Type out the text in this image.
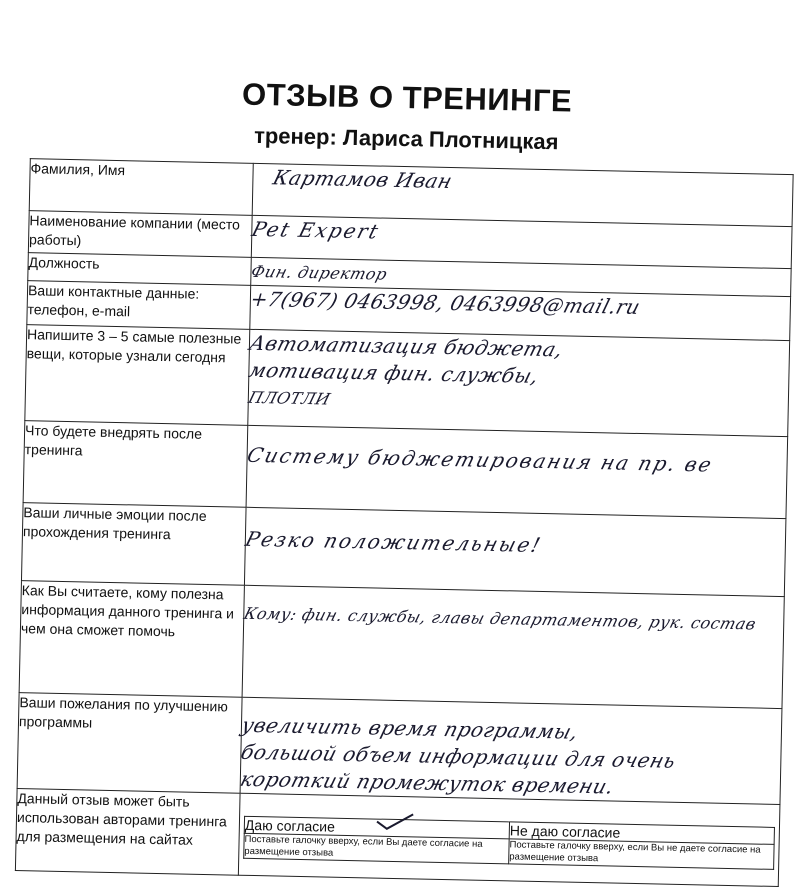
ОТЗЫВ О ТРЕНИНГЕ
тренер: Лариса Плотницкая
Фамилия, Имя	Картамов Иван

Наименование компании (место работы)	Pet Expert

Должность	Фин. директор

Ваши контактные данные: телефон, e-mail	+7(967) 0463998, 0463998@mail.ru

Напишите 3 – 5 самые полезные вещи, которые узнали сегодня	Автоматизация бюджета,
мотивация фин. службы,
ПЛОТЛИ

Что будете внедрять после тренинга	Систему бюджетирования на пр. ве

Ваши личные эмоции после прохождения тренинга	Резко положительные!

Как Вы считаете, кому полезна информация данного тренинга и чем она сможет помочь	Кому: фин. службы, главы департаментов, рук. состав

Ваши пожелания по улучшению программы	увеличить время программы,
большой объем информации для очень
короткий промежуток времени.

Данный отзыв может быть использован авторами тренинга для размещения на сайтах	
Даю согласие	Не даю согласие
Поставьте галочку вверху, если Вы даете согласие на размещение отзыва	Поставьте галочку вверху, если Вы не даете согласие на размещение отзыва
